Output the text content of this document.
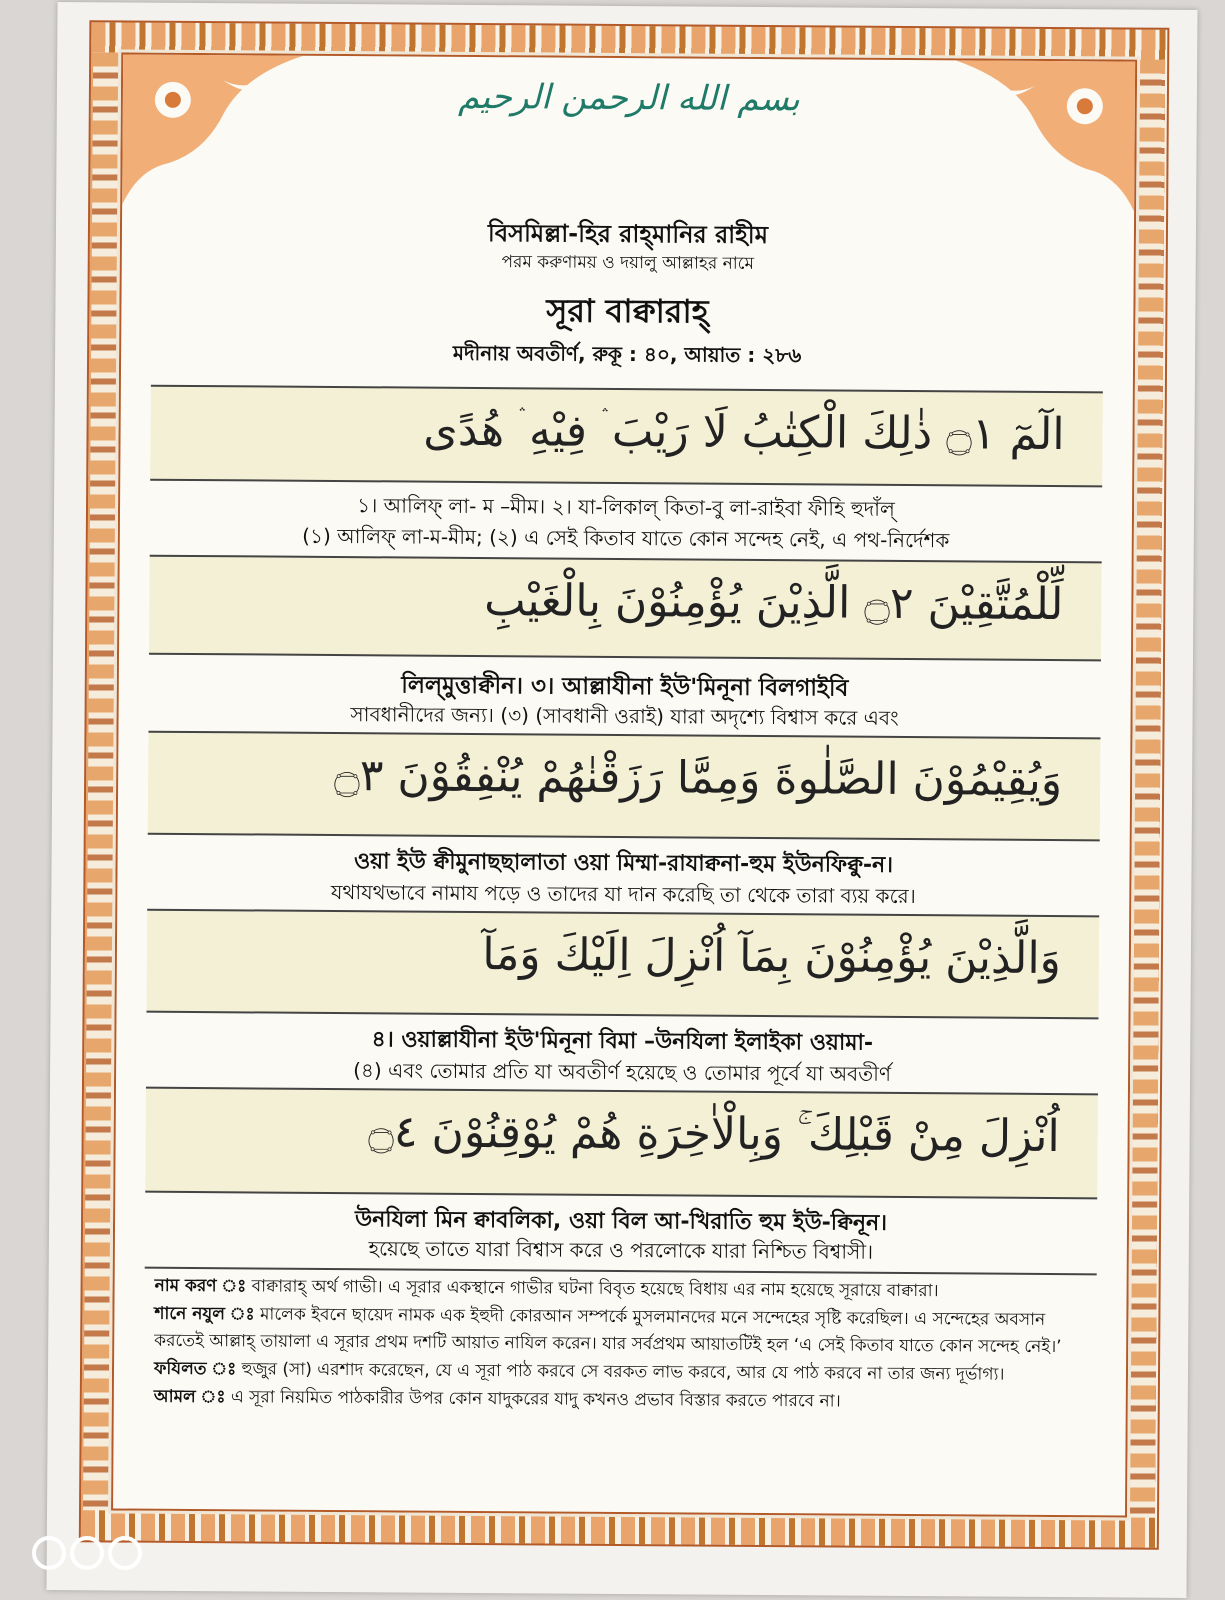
بسم الله الرحمن الرحيم
বিসমিল্লা-হির রাহ্‌মানির রাহীম
পরম করুণাময় ও দয়ালু আল্লাহর নামে
সূরা বাক্বারাহ্‌
মদীনায় অবতীর্ণ, রুকূ : ৪০, আয়াত : ২৮৬
الٓمٓ ۝١ ذٰلِكَ الْكِتٰبُ لَا رَيْبَ ۛ فِيْهِ ۛ هُدًى
১। আলিফ্‌ লা- ম –মীম। ২। যা-লিকাল্‌ কিতা-বু লা-রাইবা ফীহি হুদাঁল্‌
(১) আলিফ্‌ লা-ম-মীম; (২) এ সেই কিতাব যাতে কোন সন্দেহ নেই, এ পথ-নির্দেশক
لِّلْمُتَّقِيْنَ ۝٢ الَّذِيْنَ يُؤْمِنُوْنَ بِالْغَيْبِ
লিল্‌মুত্তাক্বীন। ৩। আল্লাযীনা ইউ'মিনূনা বিলগাইবি
সাবধানীদের জন্য। (৩) (সাবধানী ওরাই) যারা অদৃশ্যে বিশ্বাস করে এবং
وَيُقِيْمُوْنَ الصَّلٰوةَ وَمِمَّا رَزَقْنٰهُمْ يُنْفِقُوْنَ ۝٣
ওয়া ইউ ক্বীমুনাছছালাতা ওয়া মিম্মা-রাযাক্বনা-হুম ইউনফিক্বু-ন।
যথাযথভাবে নামায পড়ে ও তাদের যা দান করেছি তা থেকে তারা ব্যয় করে।
وَالَّذِيْنَ يُؤْمِنُوْنَ بِمَآ اُنْزِلَ اِلَيْكَ وَمَآ
৪। ওয়াল্লাযীনা ইউ'মিনূনা বিমা –উনযিলা ইলাইকা ওয়ামা-
(৪) এবং তোমার প্রতি যা অবতীর্ণ হয়েছে ও তোমার পূর্বে যা অবতীর্ণ
اُنْزِلَ مِنْ قَبْلِكَ ۚ وَبِالْاٰخِرَةِ هُمْ يُوْقِنُوْنَ ۝٤
উনযিলা মিন ক্বাবলিকা, ওয়া বিল আ-খিরাতি হুম ইউ-ক্বিনূন।
হয়েছে তাতে যারা বিশ্বাস করে ও পরলোকে যারা নিশ্চিত বিশ্বাসী।

নাম করণ ঃ বাক্বারাহ্‌ অর্থ গাভী। এ সূরার একস্থানে গাভীর ঘটনা বিবৃত হয়েছে বিধায় এর নাম হয়েছে সূরায়ে বাক্বারা।

শানে নযুল ঃ মালেক ইবনে ছায়েদ নামক এক ইহুদী কোরআন সম্পর্কে মুসলমানদের মনে সন্দেহের সৃষ্টি করেছিল। এ সন্দেহের অবসান করতেই আল্লাহ্‌ তায়ালা এ সূরার প্রথম দশটি আয়াত নাযিল করেন। যার সর্বপ্রথম আয়াতটিই হল ‘এ সেই কিতাব যাতে কোন সন্দেহ নেই।’

ফযিলত ঃ হুজুর (সা) এরশাদ করেছেন, যে এ সূরা পাঠ করবে সে বরকত লাভ করবে, আর যে পাঠ করবে না তার জন্য দূর্ভাগ্য।

আমল ঃ এ সূরা নিয়মিত পাঠকারীর উপর কোন যাদুকরের যাদু কখনও প্রভাব বিস্তার করতে পারবে না।
